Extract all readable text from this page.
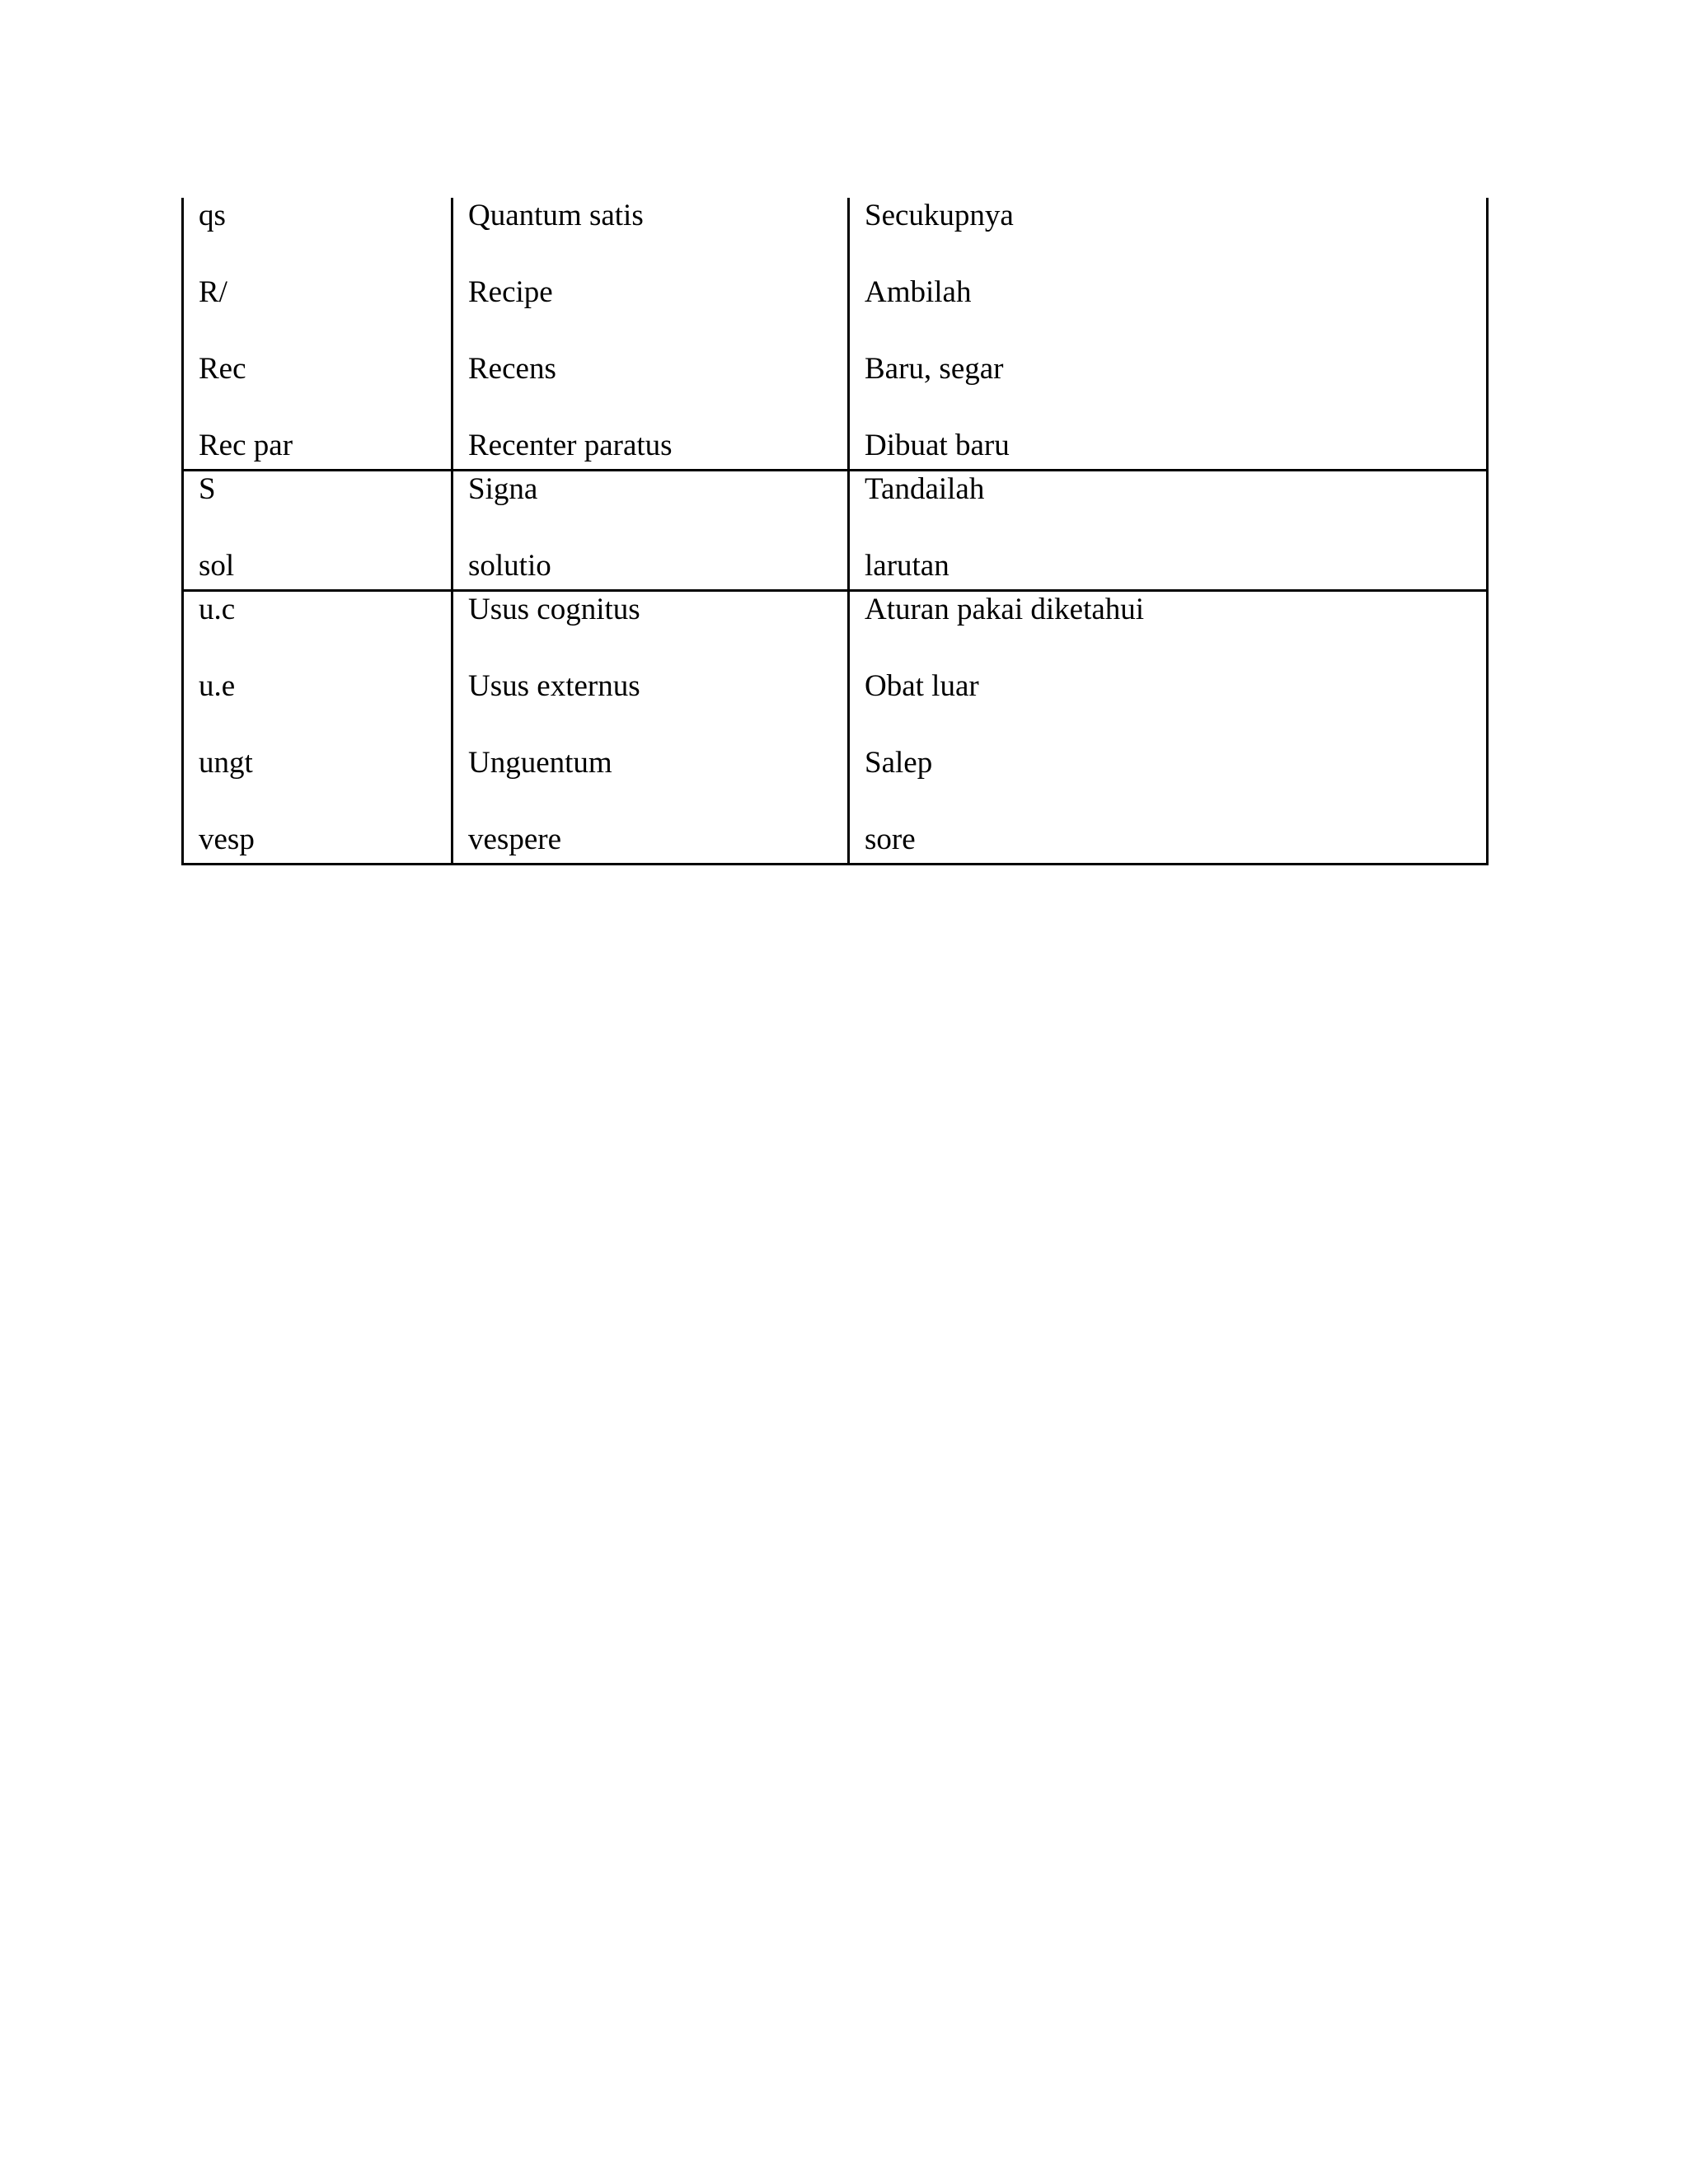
qs	Quantum satis	Secukupnya
R/	Recipe	Ambilah
Rec	Recens	Baru, segar
Rec par	Recenter paratus	Dibuat baru
S	Signa	Tandailah
sol	solutio	larutan
u.c	Usus cognitus	Aturan pakai diketahui
u.e	Usus externus	Obat luar
ungt	Unguentum	Salep
vesp	vespere	sore
